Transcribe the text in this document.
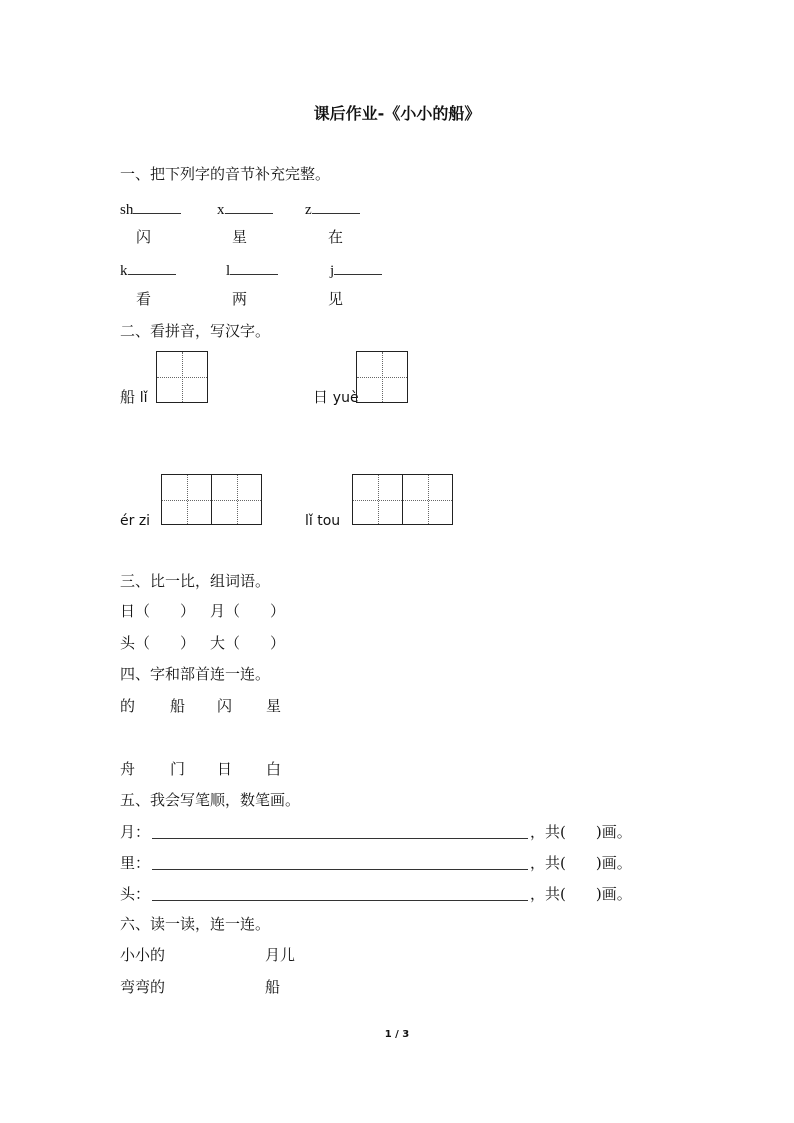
课后作业-《小小的船》
一、把下列字的音节补充完整。
sh	x	z
闪	星	在
k	l	j
看	两	见
二、看拼音，写汉字。
船 lǐ	日 yuè
ér zi	lǐ tou
三、比一比，组词语。
日（　　） 月（　　）
头（　　） 大（　　）
四、字和部首连一连。
的 船 闪 星
舟 门 日 白
五、我会写笔顺，数笔画。
月：	，共(　　)画。
里：	，共(　　)画。
头：	，共(　　)画。
六、读一读，连一连。
小小的	月儿
弯弯的	船
1 / 3
